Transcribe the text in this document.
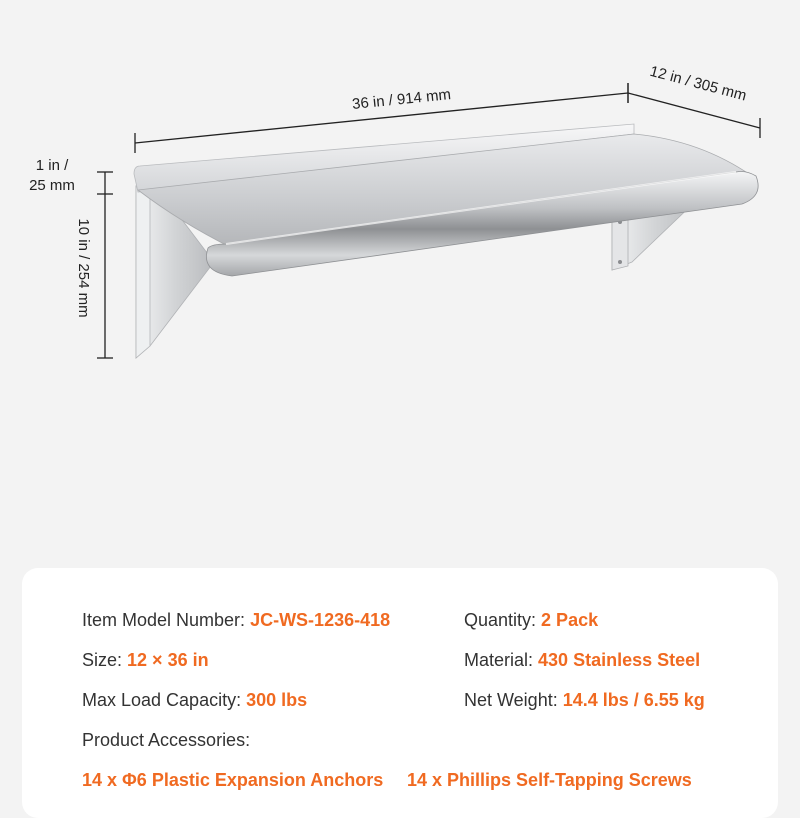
36 in / 914 mm	12 in / 305 mm
1 in /
25 mm
10 in / 254 mm
Item Model Number: JC-WS-1236-418	Quantity: 2 Pack
Size: 12 × 36 in	Material: 430 Stainless Steel
Max Load Capacity: 300 lbs	Net Weight: 14.4 lbs / 6.55 kg
Product Accessories:
14 x Φ6 Plastic Expansion Anchors 14 x Phillips Self-Tapping Screws
